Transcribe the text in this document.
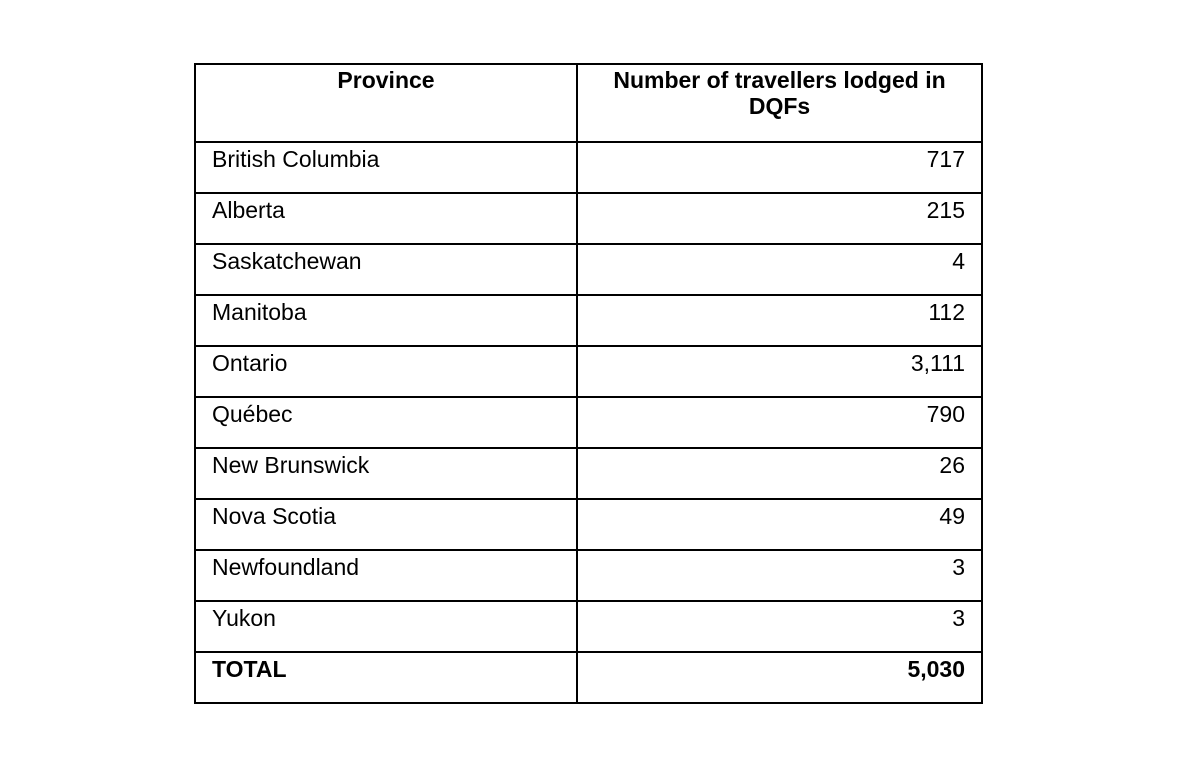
Province	Number of travellers lodged in DQFs
British Columbia	717
Alberta	215
Saskatchewan	4
Manitoba	112
Ontario	3,111
Québec	790
New Brunswick	26
Nova Scotia	49
Newfoundland	3
Yukon	3
TOTAL	5,030
